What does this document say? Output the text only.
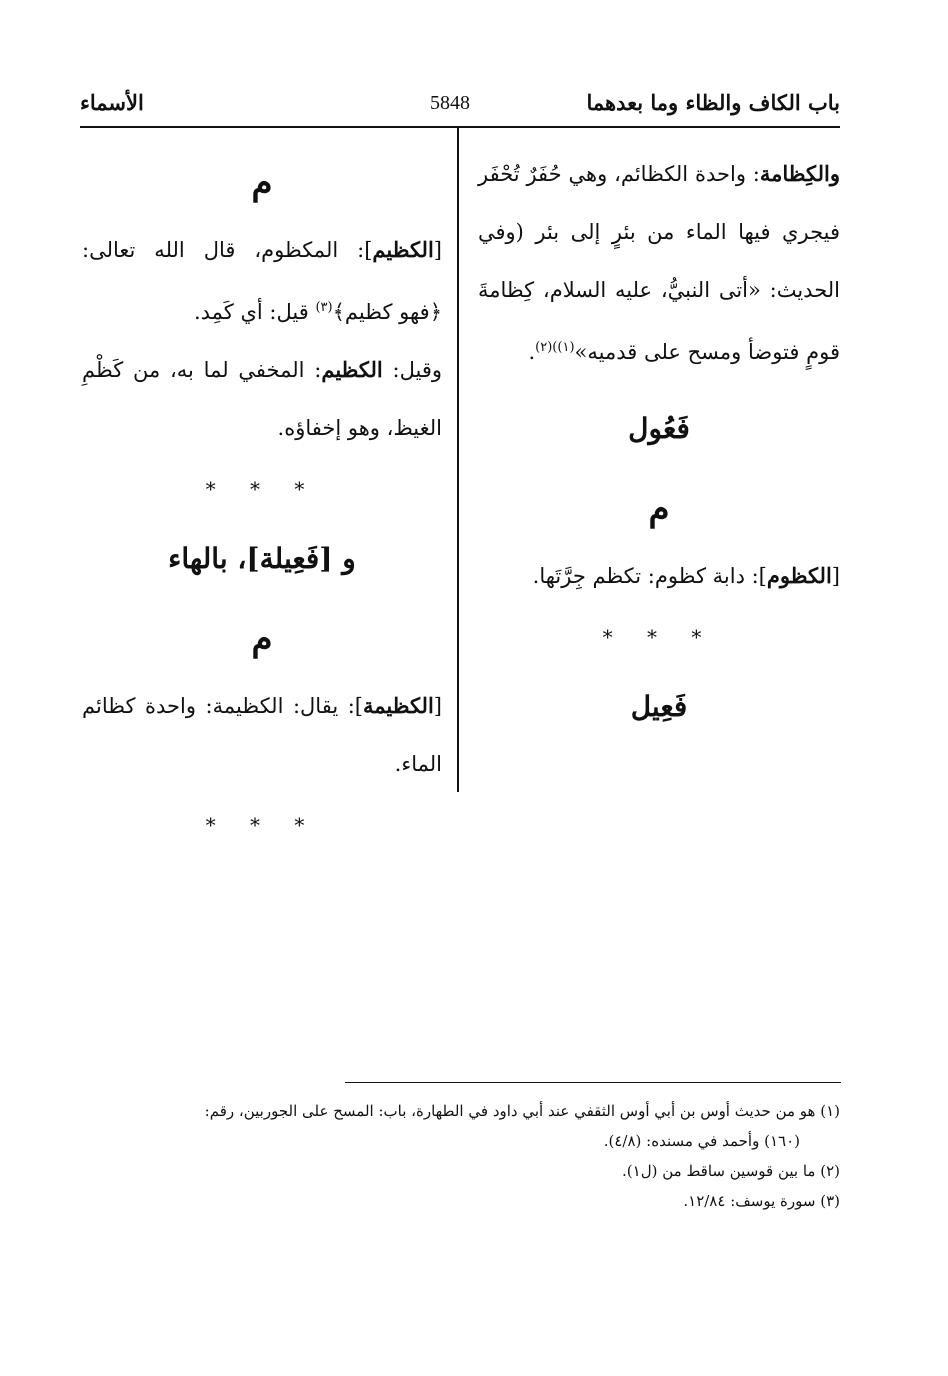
باب الكاف والظاء وما بعدهما
5848
الأسماء

والكِظامة: واحدة الكظائم، وهي حُفَرٌ تُحْفَر فيجري فيها الماء من بئرٍ إلى بئر (وفي الحديث: «أتى النبيُّ، عليه السلام، كِظامةَ قومٍ فتوضأ ومسح على قدميه»$^{(١))(٢)}$.

فَعُول
م

[الكظوم]: دابة كظوم: تكظم جِرَّتَها.

* * *
فَعِيل
م

[الكظيم]: المكظوم، قال الله تعالى: ﴿فهو كظيم﴾$^{(٣)}$ قيل: أي كَمِد.

وقيل: الكظيم: المخفي لما به، من كَظْمِ الغيظ، وهو إخفاؤه.

* * *
و [فَعِيلة]، بالهاء
م

[الكظيمة]: يقال: الكظيمة: واحدة كظائم الماء.

* * *

(١) هو من حديث أوس بن أبي أوس الثقفي عند أبي داود في الطهارة، باب: المسح على الجوربين، رقم:

(١٦٠) وأحمد في مسنده: (٤/٨).

(٢) ما بين قوسين ساقط من (ل١).

(٣) سورة يوسف: ١٢/٨٤.
